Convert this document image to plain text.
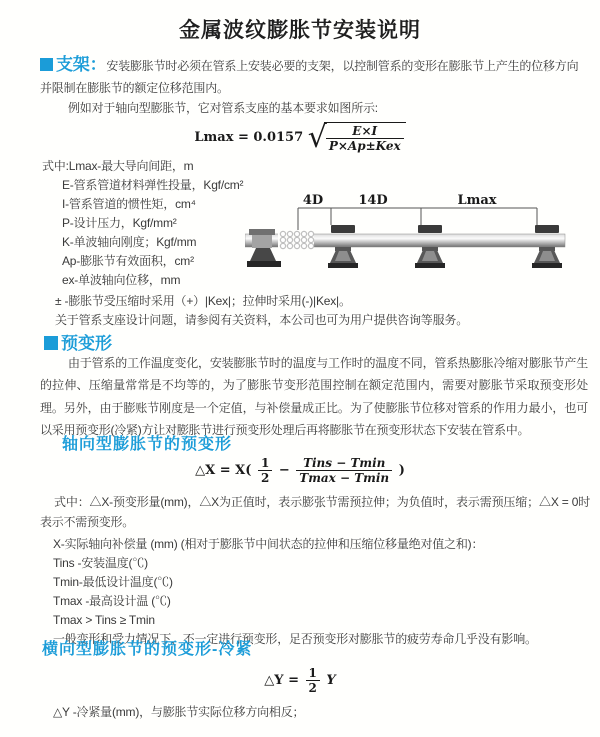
金属波纹膨胀节安装说明
支架：安装膨胀节时必须在管系上安装必要的支架，以控制管系的变形在膨胀节上产生的位移方向并限制在膨胀节的额定位移范围内。
例如对于轴向型膨胀节，它对管系支座的基本要求如图所示:
Lmax = 0.0157 √ $\frac{E\times I}{\text{P×Ap±Kex}}$
式中:Lmax-最大导向间距，m
E-管系管道材料弹性投量，Kgf/cm²
I-管系管道的惯性矩，cm⁴
P-设计压力，Kgf/mm²
K-单波轴向刚度；Kgf/mm
Ap-膨胀节有效面积，cm²
ex-单波轴向位移，mm
± -膨胀节受压缩时采用（+）|Kex|；拉伸时采用(-)|Kex|。
关于管系支座设计问题，请参阅有关资料，本公司也可为用户提供咨询等服务。
4D	14D	Lmax
预变形
由于管系的工作温度变化，安装膨胀节时的温度与工作时的温度不同，管系热膨胀冷缩对膨胀节产生的拉伸、压缩量常常是不均等的，为了膨胀节变形范围控制在额定范围内，需要对膨胀节采取预变形处理。另外，由于膨账节刚度是一个定值，与补偿量成正比。为了使膨胀节位移对管系的作用力最小，也可以采用预变形(冷紧)方让对膨胀节进行预变形处理后再将膨胀节在预变形状态下安装在管系中。
轴向型膨胀节的预变形
△X = $X( \frac{1}{2} - \frac{\text{Tins − Tmin}}{Tmax - Tmin}$ )
式中：△X-预变形量(mm)，△X为正值时，表示膨张节需预拉伸；为负值时，表示需预压缩；△X = 0时表示不需预变形。
X-实际轴向补偿量 (mm) (相对于膨胀节中间状态的拉伸和压缩位移量绝对值之和)：
Tins -安装温度(℃)
Tmin-最低设计温度(℃)
Tmax -最高设计温 (℃)
Tmax > Tins ≥ Tmin
一般变形和受力情况下，不一定进行预变形，足否预变形对膨胀节的疲劳寿命几乎没有影响。
横向型膨胀节的预变形-冷紧
△Y = $\frac{1}{2}$ Y
△Y -冷紧量(mm)，与膨胀节实际位移方向相反；
